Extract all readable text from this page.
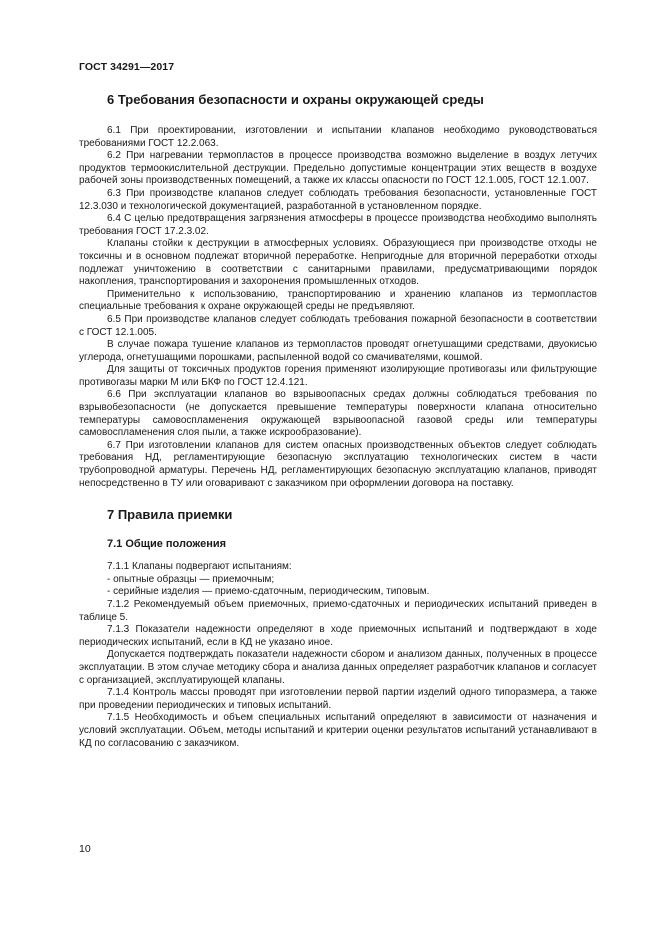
ГОСТ 34291—2017
6 Требования безопасности и охраны окружающей среды

6.1 При проектировании, изготовлении и испытании клапанов необходимо руководствоваться требованиями ГОСТ 12.2.063.

6.2 При нагревании термопластов в процессе производства возможно выделение в воздух летучих продуктов термоокислительной деструкции. Предельно допустимые концентрации этих веществ в воздухе рабочей зоны производственных помещений, а также их классы опасности по ГОСТ 12.1.005, ГОСТ 12.1.007.

6.3 При производстве клапанов следует соблюдать требования безопасности, установленные ГОСТ 12.3.030 и технологической документацией, разработанной в установленном порядке.

6.4 С целью предотвращения загрязнения атмосферы в процессе производства необходимо выполнять требования ГОСТ 17.2.3.02.

Клапаны стойки к деструкции в атмосферных условиях. Образующиеся при производстве отходы не токсичны и в основном подлежат вторичной переработке. Непригодные для вторичной переработки отходы подлежат уничтожению в соответствии с санитарными правилами, предусматривающими порядок накопления, транспортирования и захоронения промышленных отходов.

Применительно к использованию, транспортированию и хранению клапанов из термопластов специальные требования к охране окружающей среды не предъявляют.

6.5 При производстве клапанов следует соблюдать требования пожарной безопасности в соответствии с ГОСТ 12.1.005.

В случае пожара тушение клапанов из термопластов проводят огнетушащими средствами, двуокисью углерода, огнетушащими порошками, распыленной водой со смачивателями, кошмой.

Для защиты от токсичных продуктов горения применяют изолирующие противогазы или фильтрующие противогазы марки М или БКФ по ГОСТ 12.4.121.

6.6 При эксплуатации клапанов во взрывоопасных средах должны соблюдаться требования по взрывобезопасности (не допускается превышение температуры поверхности клапана относительно температуры самовоспламенения окружающей взрывоопасной газовой среды или температуры самовоспламенения слоя пыли, а также искрообразование).

6.7 При изготовлении клапанов для систем опасных производственных объектов следует соблюдать требования НД, регламентирующие безопасную эксплуатацию технологических систем в части трубопроводной арматуры. Перечень НД, регламентирующих безопасную эксплуатацию клапанов, приводят непосредственно в ТУ или оговаривают с заказчиком при оформлении договора на поставку.

7 Правила приемки
7.1 Общие положения

7.1.1 Клапаны подвергают испытаниям:

- опытные образцы — приемочным;
- серийные изделия — приемо-сдаточным, периодическим, типовым.

7.1.2 Рекомендуемый объем приемочных, приемо-сдаточных и периодических испытаний приведен в таблице 5.

7.1.3 Показатели надежности определяют в ходе приемочных испытаний и подтверждают в ходе периодических испытаний, если в КД не указано иное.

Допускается подтверждать показатели надежности сбором и анализом данных, полученных в процессе эксплуатации. В этом случае методику сбора и анализа данных определяет разработчик клапанов и согласует с организацией, эксплуатирующей клапаны.

7.1.4 Контроль массы проводят при изготовлении первой партии изделий одного типоразмера, а также при проведении периодических и типовых испытаний.

7.1.5 Необходимость и объем специальных испытаний определяют в зависимости от назначения и условий эксплуатации. Объем, методы испытаний и критерии оценки результатов испытаний устанавливают в КД по согласованию с заказчиком.

10
